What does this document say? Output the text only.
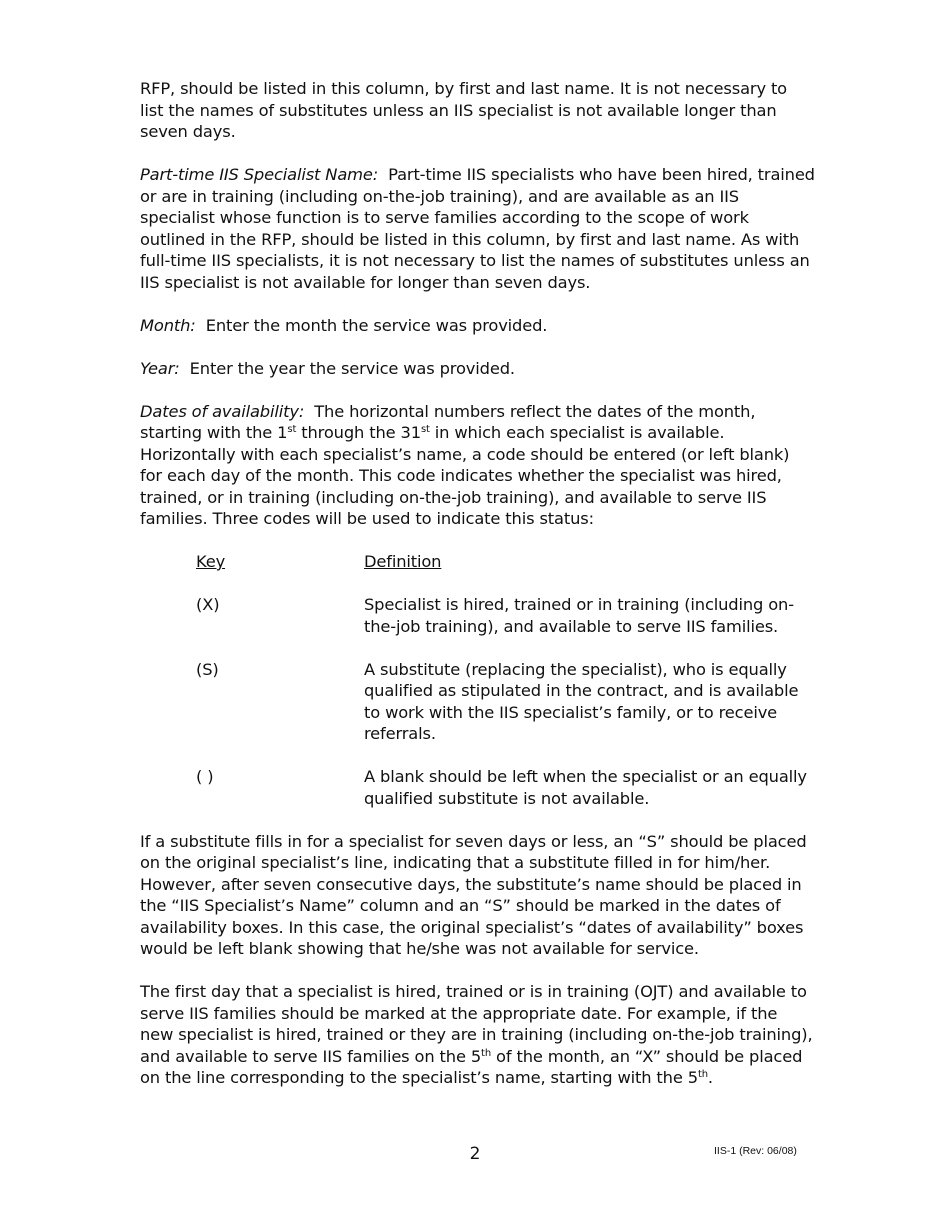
RFP, should be listed in this column, by first and last name. It is not necessary to list the names of substitutes unless an IIS specialist is not available longer than seven days.

Part-time IIS Specialist Name: Part-time IIS specialists who have been hired, trained or are in training (including on-the-job training), and are available as an IIS specialist whose function is to serve families according to the scope of work outlined in the RFP, should be listed in this column, by first and last name. As with full-time IIS specialists, it is not necessary to list the names of substitutes unless an IIS specialist is not available for longer than seven days.

Month: Enter the month the service was provided.

Year: Enter the year the service was provided.

Dates of availability: The horizontal numbers reflect the dates of the month, starting with the 1st through the 31st in which each specialist is available. Horizontally with each specialist’s name, a code should be entered (or left blank) for each day of the month. This code indicates whether the specialist was hired, trained, or in training (including on-the-job training), and available to serve IIS families. Three codes will be used to indicate this status:

Key	Definition
(X)	Specialist is hired, trained or in training (including on-the-job training), and available to serve IIS families.
(S)	A substitute (replacing the specialist), who is equally qualified as stipulated in the contract, and is available to work with the IIS specialist’s family, or to receive referrals.
( )	A blank should be left when the specialist or an equally qualified substitute is not available.

If a substitute fills in for a specialist for seven days or less, an “S” should be placed on the original specialist’s line, indicating that a substitute filled in for him/her. However, after seven consecutive days, the substitute’s name should be placed in the “IIS Specialist’s Name” column and an “S” should be marked in the dates of availability boxes. In this case, the original specialist’s “dates of availability” boxes would be left blank showing that he/she was not available for service.

The first day that a specialist is hired, trained or is in training (OJT) and available to serve IIS families should be marked at the appropriate date. For example, if the new specialist is hired, trained or they are in training (including on-the-job training), and available to serve IIS families on the 5th of the month, an “X” should be placed on the line corresponding to the specialist’s name, starting with the 5th.

2	IIS-1 (Rev: 06/08)
